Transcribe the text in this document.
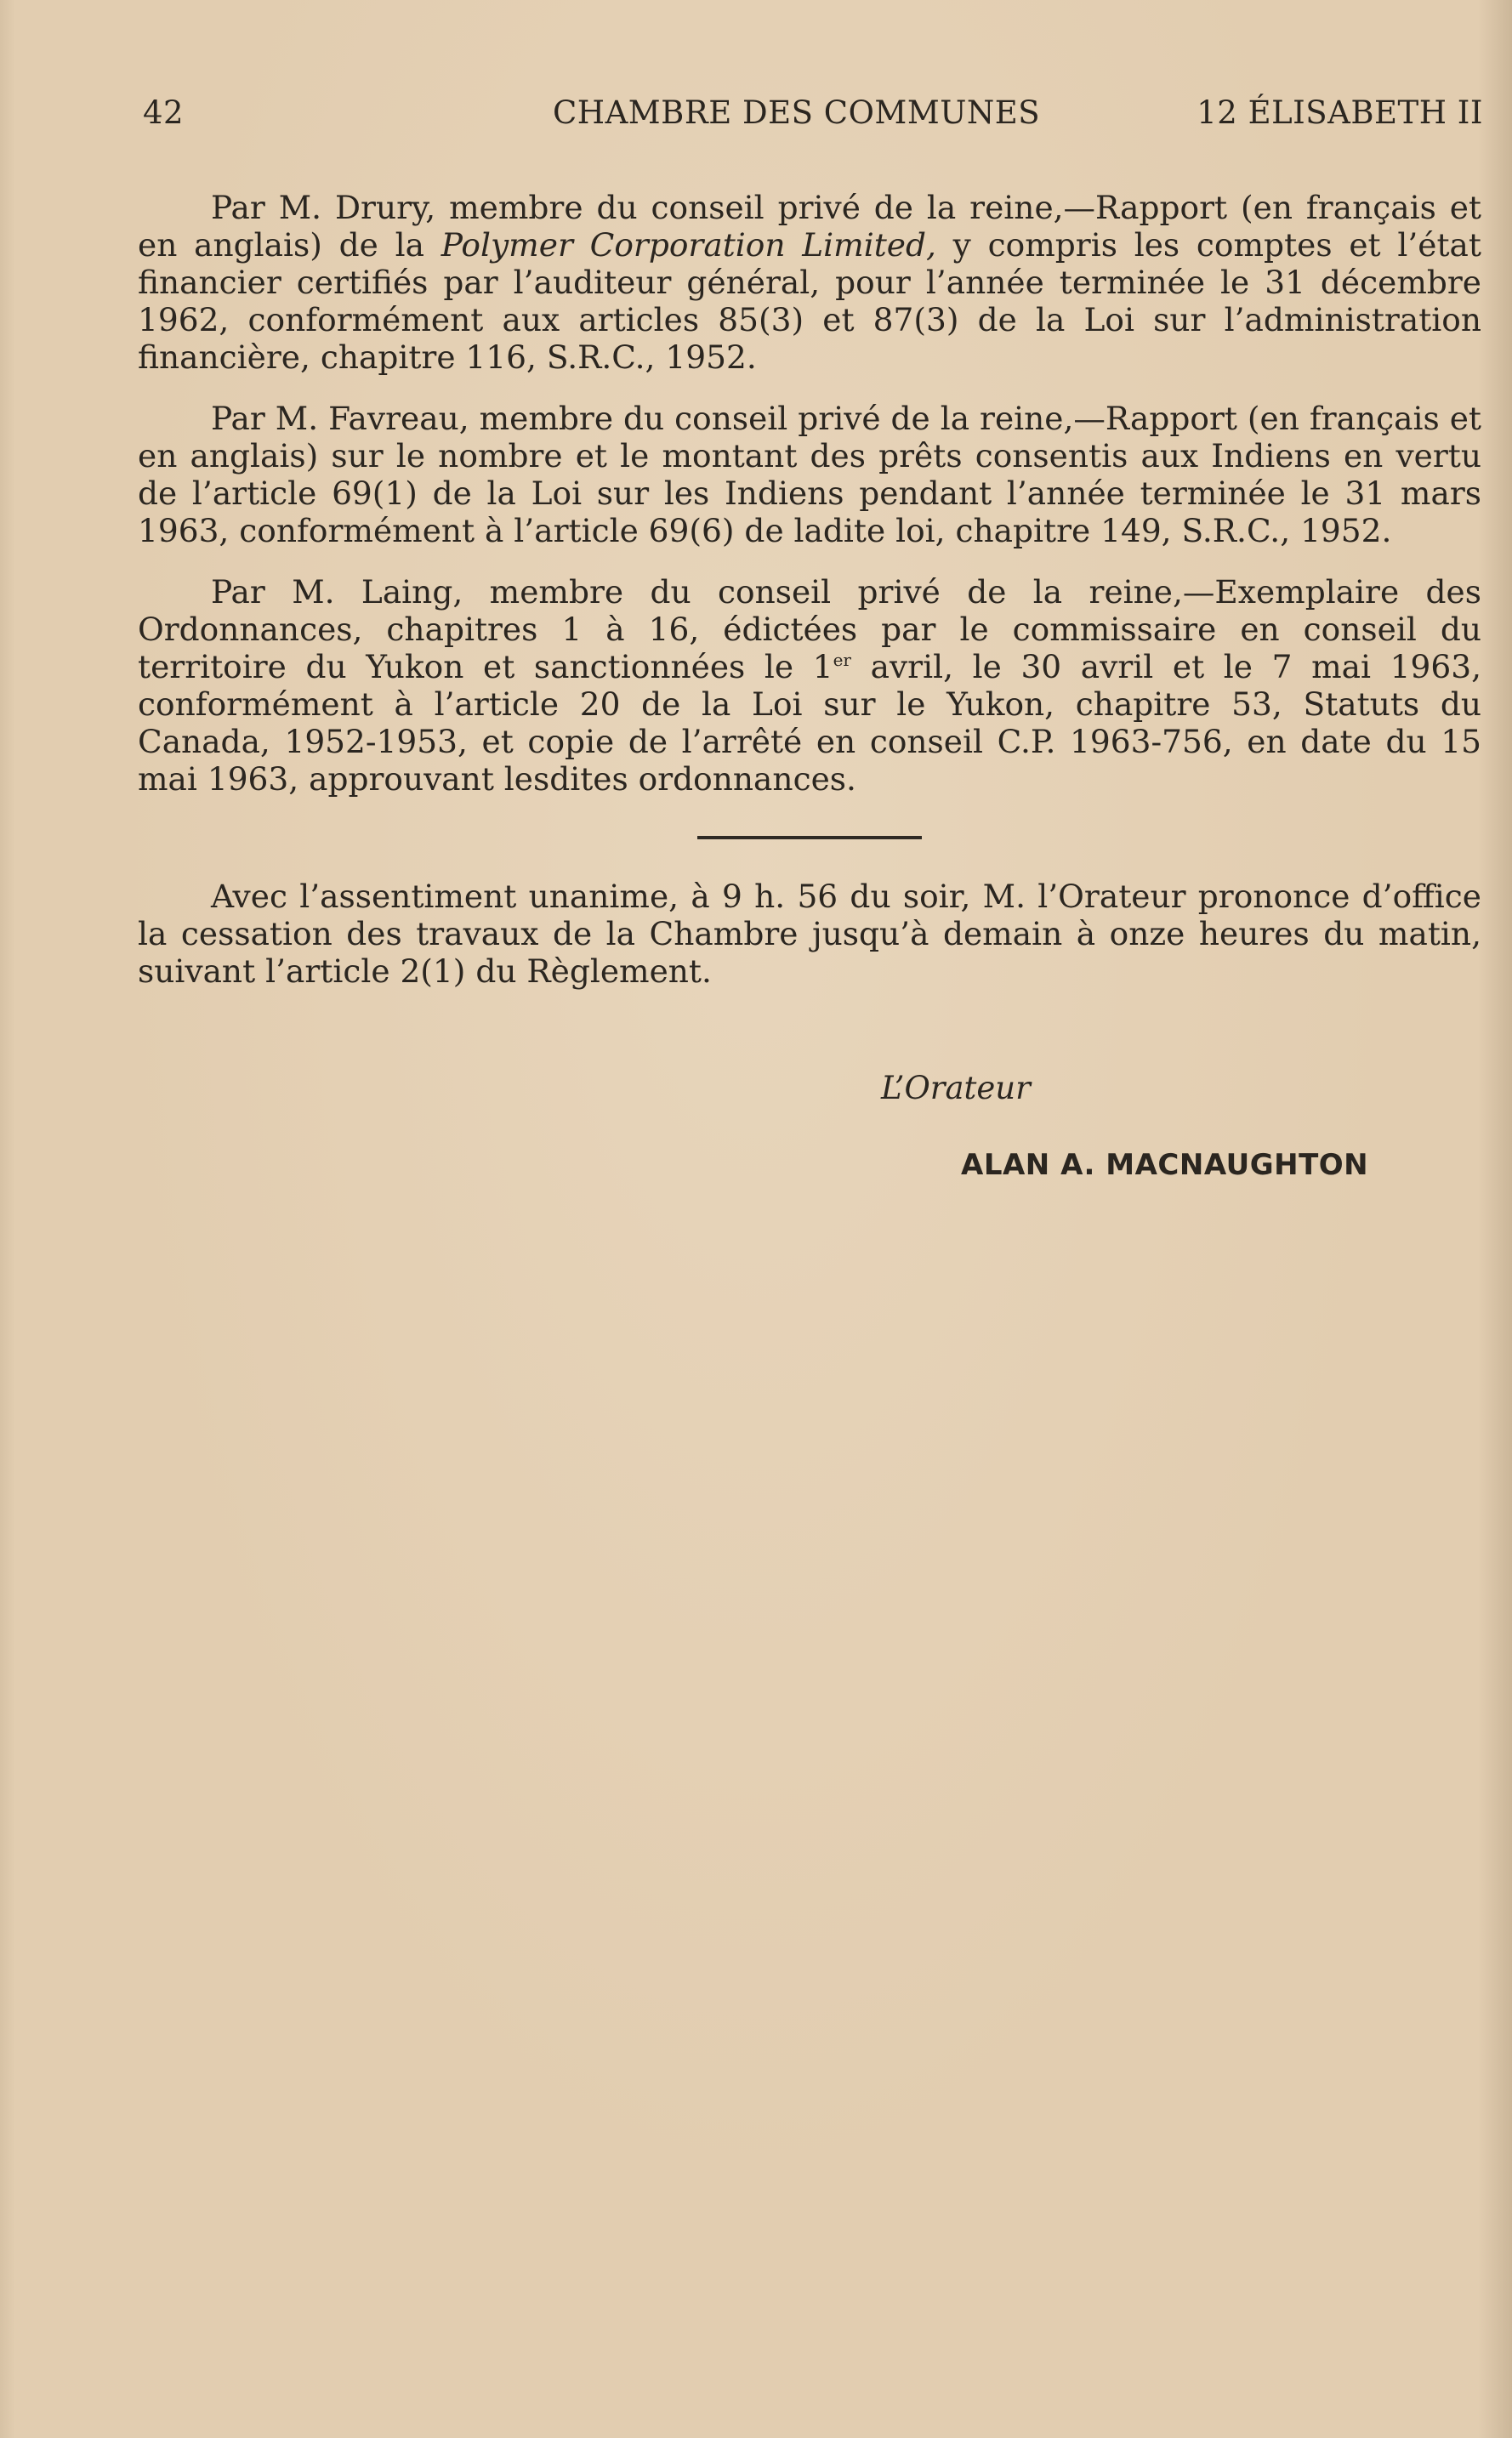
42	CHAMBRE DES COMMUNES	12 ÉLISABETH II

Par M. Drury, membre du conseil privé de la reine,—Rapport (en français et en anglais) de la Polymer Corporation Limited, y compris les comptes et l’état financier certifiés par l’auditeur général, pour l’année terminée le 31 décembre 1962, conformément aux articles 85(3) et 87(3) de la Loi sur l’administration financière, chapitre 116, S.R.C., 1952.

Par M. Favreau, membre du conseil privé de la reine,—Rapport (en français et en anglais) sur le nombre et le montant des prêts consentis aux Indiens en vertu de l’article 69(1) de la Loi sur les Indiens pendant l’année terminée le 31 mars 1963, conformément à l’article 69(6) de ladite loi, chapitre 149, S.R.C., 1952.

Par M. Laing, membre du conseil privé de la reine,—Exemplaire des Ordonnances, chapitres 1 à 16, édictées par le commissaire en conseil du territoire du Yukon et sanctionnées le 1er avril, le 30 avril et le 7 mai 1963, conformément à l’article 20 de la Loi sur le Yukon, chapitre 53, Statuts du Canada, 1952-1953, et copie de l’arrêté en conseil C.P. 1963-756, en date du 15 mai 1963, approuvant lesdites ordonnances.

Avec l’assentiment unanime, à 9 h. 56 du soir, M. l’Orateur prononce d’office la cessation des travaux de la Chambre jusqu’à demain à onze heures du matin, suivant l’article 2(1) du Règlement.

L’Orateur
ALAN A. MACNAUGHTON
